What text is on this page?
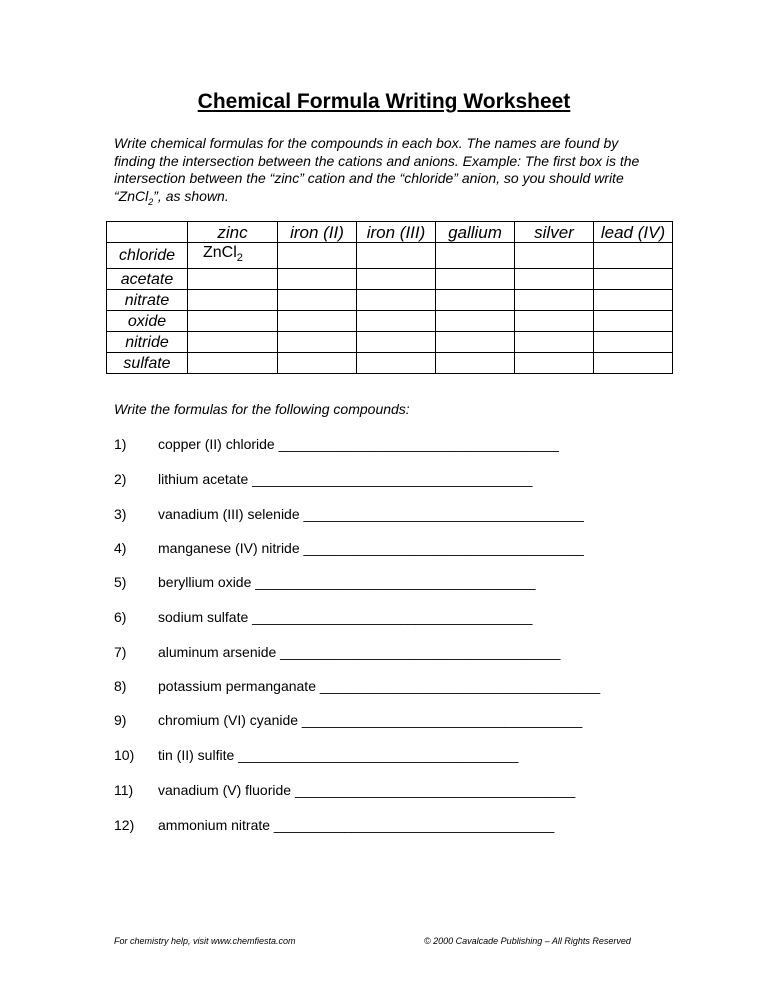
Chemical Formula Writing Worksheet
Write chemical formulas for the compounds in each box. The names are found by finding the intersection between the cations and anions. Example: The first box is the intersection between the “zinc” cation and the “chloride” anion, so you should write “ZnCl$_2$”, as shown.
	zinc	iron (II)	iron (III)	gallium	silver	lead (IV)
chloride	ZnCl$_2$					
acetate						
nitrate						
oxide						
nitride						
sulfate						
Write the formulas for the following compounds:
1) copper (II) chloride ____________________________________
2) lithium acetate ____________________________________
3) vanadium (III) selenide ____________________________________
4) manganese (IV) nitride ____________________________________
5) beryllium oxide ____________________________________
6) sodium sulfate ____________________________________
7) aluminum arsenide ____________________________________
8) potassium permanganate ____________________________________
9) chromium (VI) cyanide ____________________________________
10) tin (II) sulfite ____________________________________
11) vanadium (V) fluoride ____________________________________
12) ammonium nitrate ____________________________________
For chemistry help, visit www.chemfiesta.com	© 2000 Cavalcade Publishing – All Rights Reserved
